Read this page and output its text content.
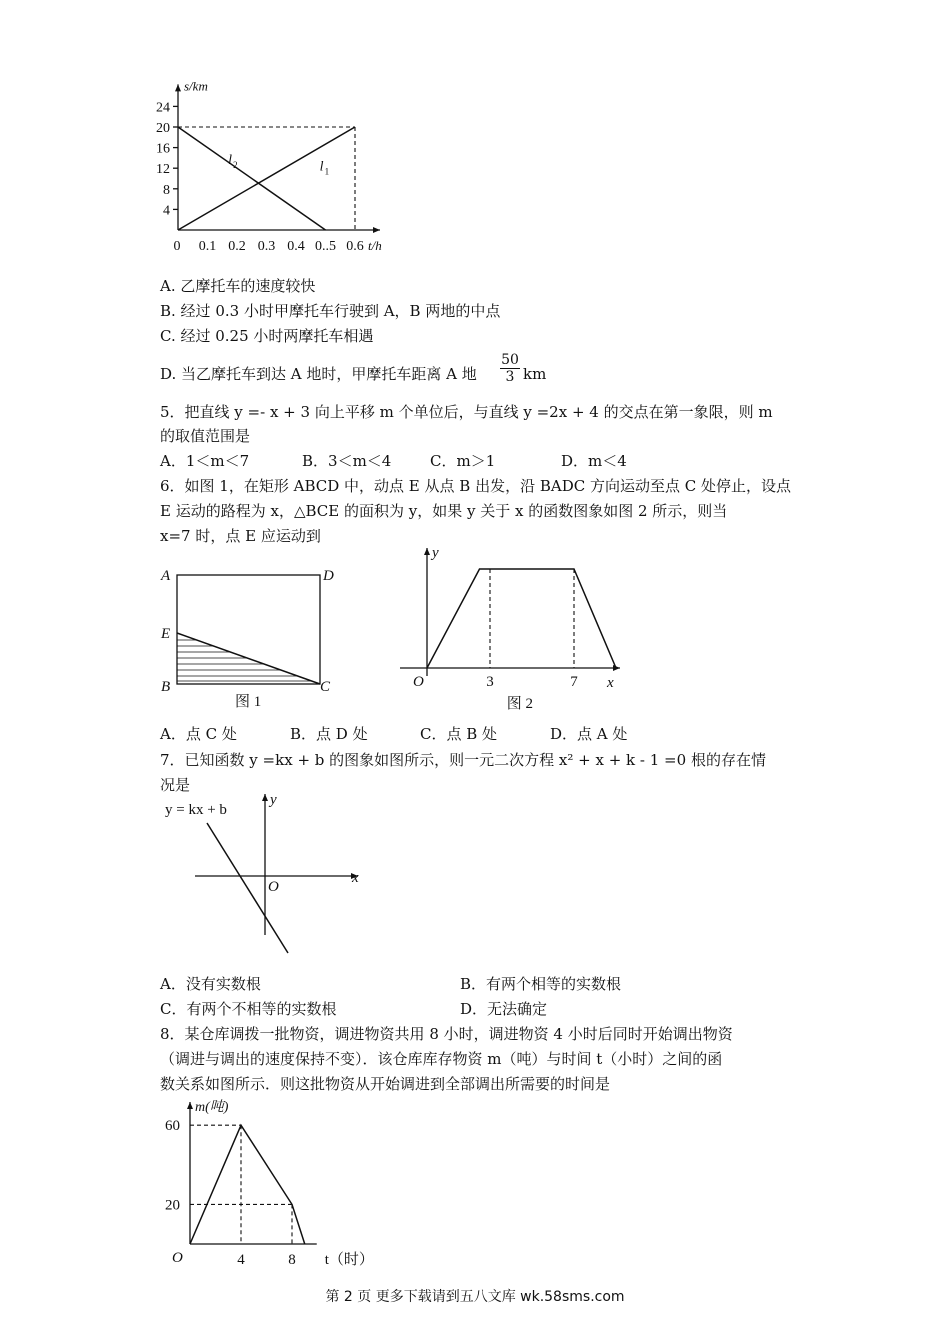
s/km
t/h
4
8
12
16
20
24
0 0.1 0.2 0.3 0.4 0..5 0.6
l 1
l 2
A. 乙摩托车的速度较快
B. 经过 0.3 小时甲摩托车行驶到 A，B 两地的中点
C. 经过 0.25 小时两摩托车相遇
D. 当乙摩托车到达 A 地时，甲摩托车距离 A 地 $\frac{50}{3}$ km
5．把直线 y =- x + 3 向上平移 m 个单位后，与直线 y =2x + 4 的交点在第一象限，则 m
的取值范围是
A．1＜m＜7	B．3＜m＜4	C．m＞1	D．m＜4
6．如图 1，在矩形 ABCD 中，动点 E 从点 B 出发，沿 BADC 方向运动至点 C 处停止，设点
E 运动的路程为 x，△BCE 的面积为 y，如果 y 关于 x 的函数图象如图 2 所示，则当
x=7 时，点 E 应运动到
A	D
E
B	C
图 1
y
x
O	3	7
图 2
A．点 C 处	B．点 D 处	C．点 B 处	D．点 A 处
7．已知函数 y =kx + b 的图象如图所示，则一元二次方程 x² + x + k - 1 =0 根的存在情
况是
y = kx + b
y
x
O
A．没有实数根	B．有两个相等的实数根
C．有两个不相等的实数根	D．无法确定
8．某仓库调拨一批物资，调进物资共用 8 小时，调进物资 4 小时后同时开始调出物资
（调进与调出的速度保持不变）．该仓库库存物资 m（吨）与时间 t（小时）之间的函
数关系如图所示．则这批物资从开始调进到全部调出所需要的时间是
m(吨)
t（时）
O
20
60
4	8
第 2 页 更多下载请到五八文库 wk.58sms.com
